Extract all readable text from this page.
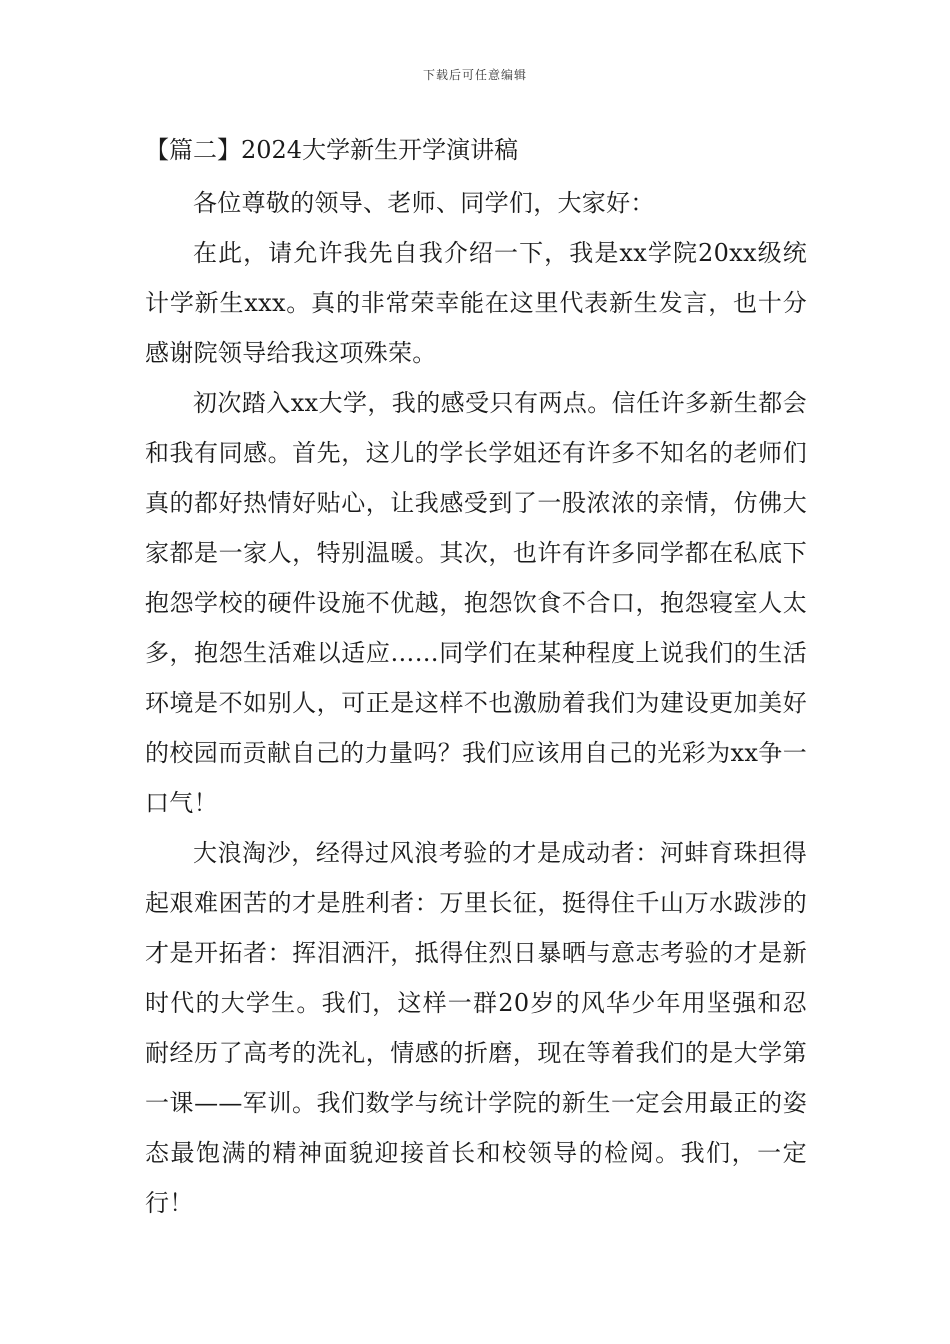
下载后可任意编辑
【篇二】2024大学新生开学演讲稿

各位尊敬的领导、老师、同学们，大家好：

在此，请允许我先自我介绍一下，我是xx学院20xx级统计学新生xxx。真的非常荣幸能在这里代表新生发言，也十分感谢院领导给我这项殊荣。

初次踏入xx大学，我的感受只有两点。信任许多新生都会和我有同感。首先，这儿的学长学姐还有许多不知名的老师们真的都好热情好贴心，让我感受到了一股浓浓的亲情，仿佛大家都是一家人，特别温暖。其次，也许有许多同学都在私底下抱怨学校的硬件设施不优越，抱怨饮食不合口，抱怨寝室人太多，抱怨生活难以适应……同学们在某种程度上说我们的生活环境是不如别人，可正是这样不也激励着我们为建设更加美好的校园而贡献自己的力量吗？我们应该用自己的光彩为xx争一口气！

大浪淘沙，经得过风浪考验的才是成动者：河蚌育珠担得起艰难困苦的才是胜利者：万里长征，挺得住千山万水跋涉的才是开拓者：挥泪洒汗，抵得住烈日暴晒与意志考验的才是新时代的大学生。我们，这样一群20岁的风华少年用坚强和忍耐经历了高考的洗礼，情感的折磨，现在等着我们的是大学第一课——军训。我们数学与统计学院的新生一定会用最正的姿态最饱满的精神面貌迎接首长和校领导的检阅。我们，一定行！
